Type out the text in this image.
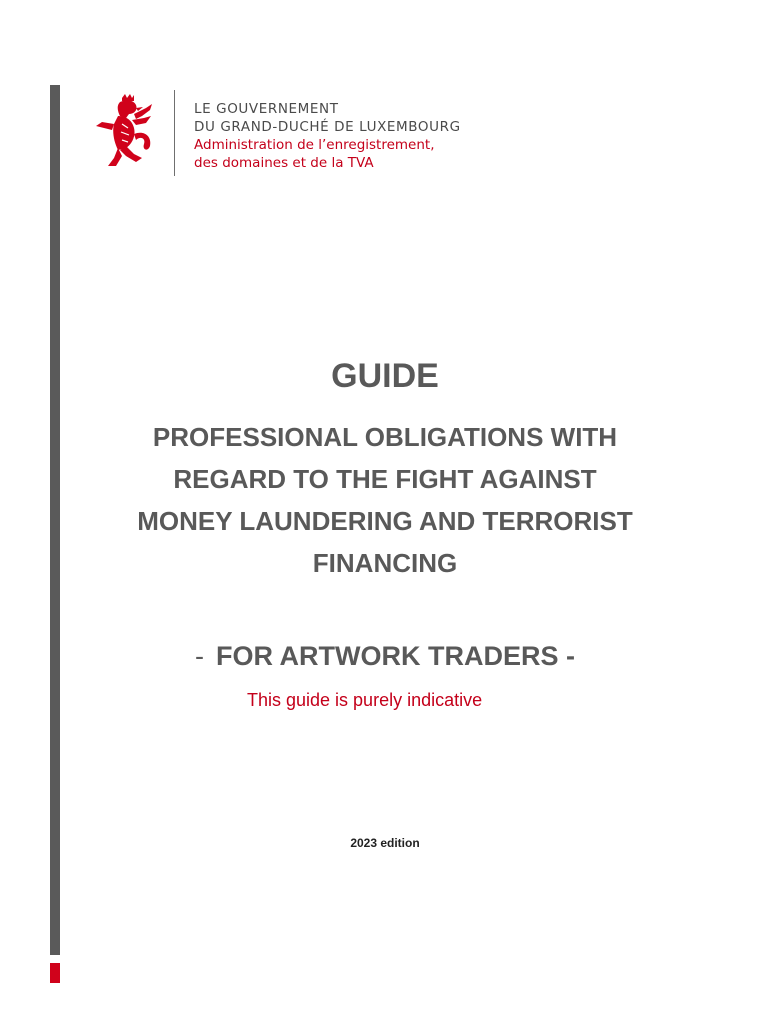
LE GOUVERNEMENT
DU GRAND-DUCHÉ DE LUXEMBOURG
Administration de l’enregistrement,
des domaines et de la TVA
GUIDE
PROFESSIONAL OBLIGATIONS WITH
REGARD TO THE FIGHT AGAINST
MONEY LAUNDERING AND TERRORIST
FINANCING
- FOR ARTWORK TRADERS -
This guide is purely indicative
2023 edition
